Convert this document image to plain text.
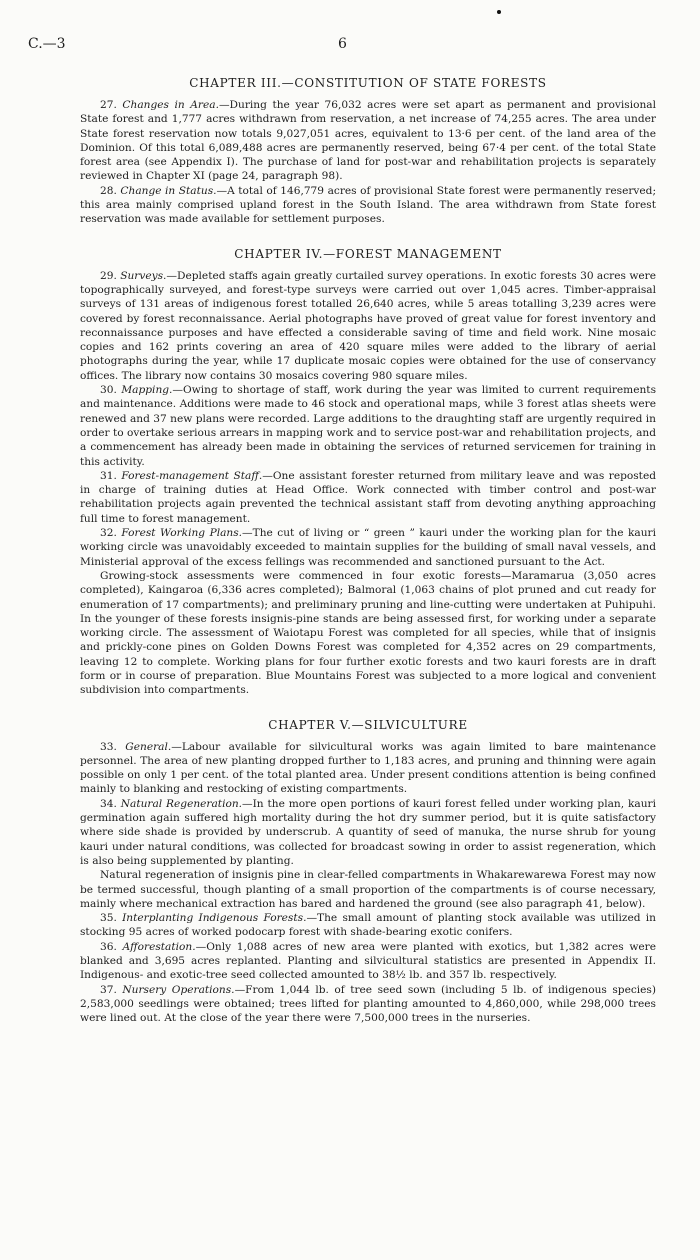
C.—3	6
CHAPTER III.—CONSTITUTION OF STATE FORESTS

27. Changes in Area.—During the year 76,032 acres were set apart as permanent and provisional State forest and 1,777 acres withdrawn from reservation, a net increase of 74,255 acres. The area under State forest reservation now totals 9,027,051 acres, equivalent to 13·6 per cent. of the land area of the Dominion. Of this total 6,089,488 acres are permanently reserved, being 67·4 per cent. of the total State forest area (see Appendix I). The purchase of land for post-war and rehabilitation projects is separately reviewed in Chapter XI (page 24, paragraph 98).

28. Change in Status.—A total of 146,779 acres of provisional State forest were permanently reserved; this area mainly comprised upland forest in the South Island. The area withdrawn from State forest reservation was made available for settlement purposes.

CHAPTER IV.—FOREST MANAGEMENT

29. Surveys.—Depleted staffs again greatly curtailed survey operations. In exotic forests 30 acres were topographically surveyed, and forest-type surveys were carried out over 1,045 acres. Timber-appraisal surveys of 131 areas of indigenous forest totalled 26,640 acres, while 5 areas totalling 3,239 acres were covered by forest reconnaissance. Aerial photographs have proved of great value for forest inventory and reconnaissance purposes and have effected a considerable saving of time and field work. Nine mosaic copies and 162 prints covering an area of 420 square miles were added to the library of aerial photographs during the year, while 17 duplicate mosaic copies were obtained for the use of conservancy offices. The library now contains 30 mosaics covering 980 square miles.

30. Mapping.—Owing to shortage of staff, work during the year was limited to current requirements and maintenance. Additions were made to 46 stock and operational maps, while 3 forest atlas sheets were renewed and 37 new plans were recorded. Large additions to the draughting staff are urgently required in order to overtake serious arrears in mapping work and to service post-war and rehabilitation projects, and a commencement has already been made in obtaining the services of returned servicemen for training in this activity.

31. Forest-management Staff.—One assistant forester returned from military leave and was reposted in charge of training duties at Head Office. Work connected with timber control and post-war rehabilitation projects again prevented the technical assistant staff from devoting anything approaching full time to forest management.

32. Forest Working Plans.—The cut of living or “ green ” kauri under the working plan for the kauri working circle was unavoidably exceeded to maintain supplies for the building of small naval vessels, and Ministerial approval of the excess fellings was recommended and sanctioned pursuant to the Act.

Growing-stock assessments were commenced in four exotic forests—Maramarua (3,050 acres completed), Kaingaroa (6,336 acres completed); Balmoral (1,063 chains of plot pruned and cut ready for enumeration of 17 compartments); and preliminary pruning and line-cutting were undertaken at Puhipuhi. In the younger of these forests insignis-pine stands are being assessed first, for working under a separate working circle. The assessment of Waiotapu Forest was completed for all species, while that of insignis and prickly-cone pines on Golden Downs Forest was completed for 4,352 acres on 29 compartments, leaving 12 to complete. Working plans for four further exotic forests and two kauri forests are in draft form or in course of preparation. Blue Mountains Forest was subjected to a more logical and convenient subdivision into compartments.

CHAPTER V.—SILVICULTURE

33. General.—Labour available for silvicultural works was again limited to bare maintenance personnel. The area of new planting dropped further to 1,183 acres, and pruning and thinning were again possible on only 1 per cent. of the total planted area. Under present conditions attention is being confined mainly to blanking and restocking of existing compartments.

34. Natural Regeneration.—In the more open portions of kauri forest felled under working plan, kauri germination again suffered high mortality during the hot dry summer period, but it is quite satisfactory where side shade is provided by underscrub. A quantity of seed of manuka, the nurse shrub for young kauri under natural conditions, was collected for broadcast sowing in order to assist regeneration, which is also being supplemented by planting.

Natural regeneration of insignis pine in clear-felled compartments in Whakarewarewa Forest may now be termed successful, though planting of a small proportion of the compartments is of course necessary, mainly where mechanical extraction has bared and hardened the ground (see also paragraph 41, below).

35. Interplanting Indigenous Forests.—The small amount of planting stock available was utilized in stocking 95 acres of worked podocarp forest with shade-bearing exotic conifers.

36. Afforestation.—Only 1,088 acres of new area were planted with exotics, but 1,382 acres were blanked and 3,695 acres replanted. Planting and silvicultural statistics are presented in Appendix II. Indigenous- and exotic-tree seed collected amounted to 38½ lb. and 357 lb. respectively.

37. Nursery Operations.—From 1,044 lb. of tree seed sown (including 5 lb. of indigenous species) 2,583,000 seedlings were obtained; trees lifted for planting amounted to 4,860,000, while 298,000 trees were lined out. At the close of the year there were 7,500,000 trees in the nurseries.
